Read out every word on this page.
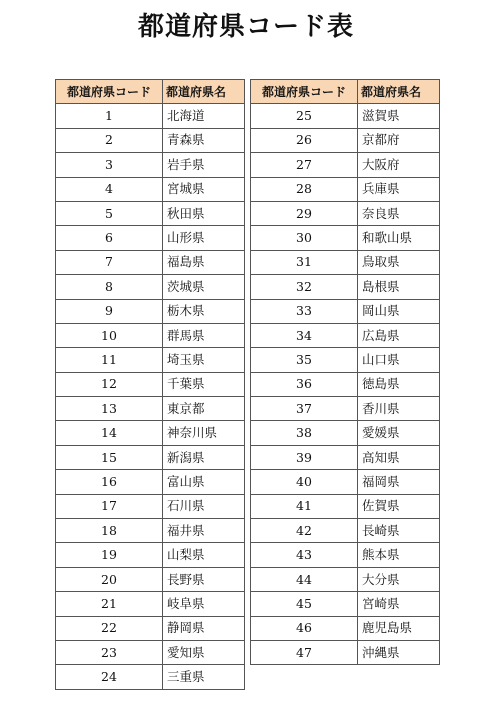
都道府県コード表
都道府県コード	都道府県名
1	北海道
2	青森県
3	岩手県
4	宮城県
5	秋田県
6	山形県
7	福島県
8	茨城県
9	栃木県
10	群馬県
11	埼玉県
12	千葉県
13	東京都
14	神奈川県
15	新潟県
16	富山県
17	石川県
18	福井県
19	山梨県
20	長野県
21	岐阜県
22	静岡県
23	愛知県
24	三重県
都道府県コード	都道府県名
25	滋賀県
26	京都府
27	大阪府
28	兵庫県
29	奈良県
30	和歌山県
31	鳥取県
32	島根県
33	岡山県
34	広島県
35	山口県
36	徳島県
37	香川県
38	愛媛県
39	高知県
40	福岡県
41	佐賀県
42	長崎県
43	熊本県
44	大分県
45	宮崎県
46	鹿児島県
47	沖縄県
